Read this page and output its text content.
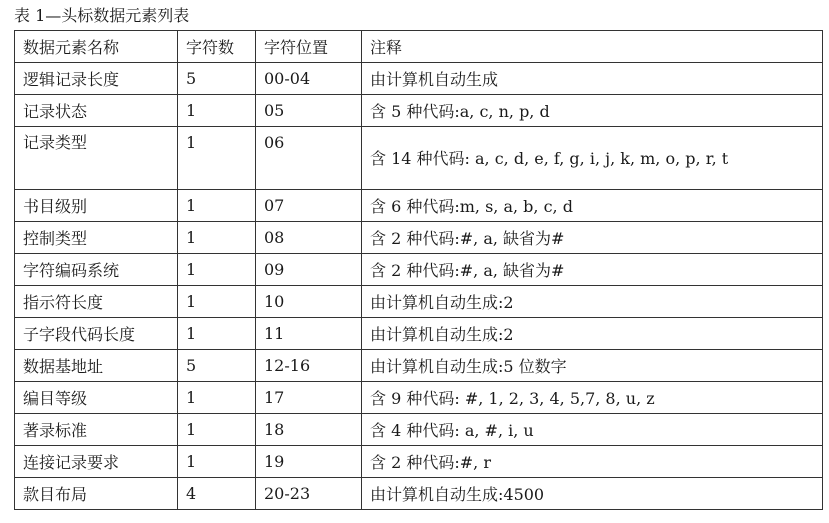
表 1—头标数据元素列表
数据元素名称	字符数	字符位置	注释
逻辑记录长度	5	00-04	由计算机自动生成
记录状态	1	05	含 5 种代码:a, c, n, p, d
记录类型	1	06	含 14 种代码: a, c, d, e, f, g, i, j, k, m, o, p, r, t
书目级别	1	07	含 6 种代码:m, s, a, b, c, d
控制类型	1	08	含 2 种代码:#, a, 缺省为#
字符编码系统	1	09	含 2 种代码:#, a, 缺省为#
指示符长度	1	10	由计算机自动生成:2
子字段代码长度	1	11	由计算机自动生成:2
数据基地址	5	12-16	由计算机自动生成:5 位数字
编目等级	1	17	含 9 种代码: #, 1, 2, 3, 4, 5,7, 8, u, z
著录标准	1	18	含 4 种代码: a, #, i, u
连接记录要求	1	19	含 2 种代码:#, r
款目布局	4	20-23	由计算机自动生成:4500
